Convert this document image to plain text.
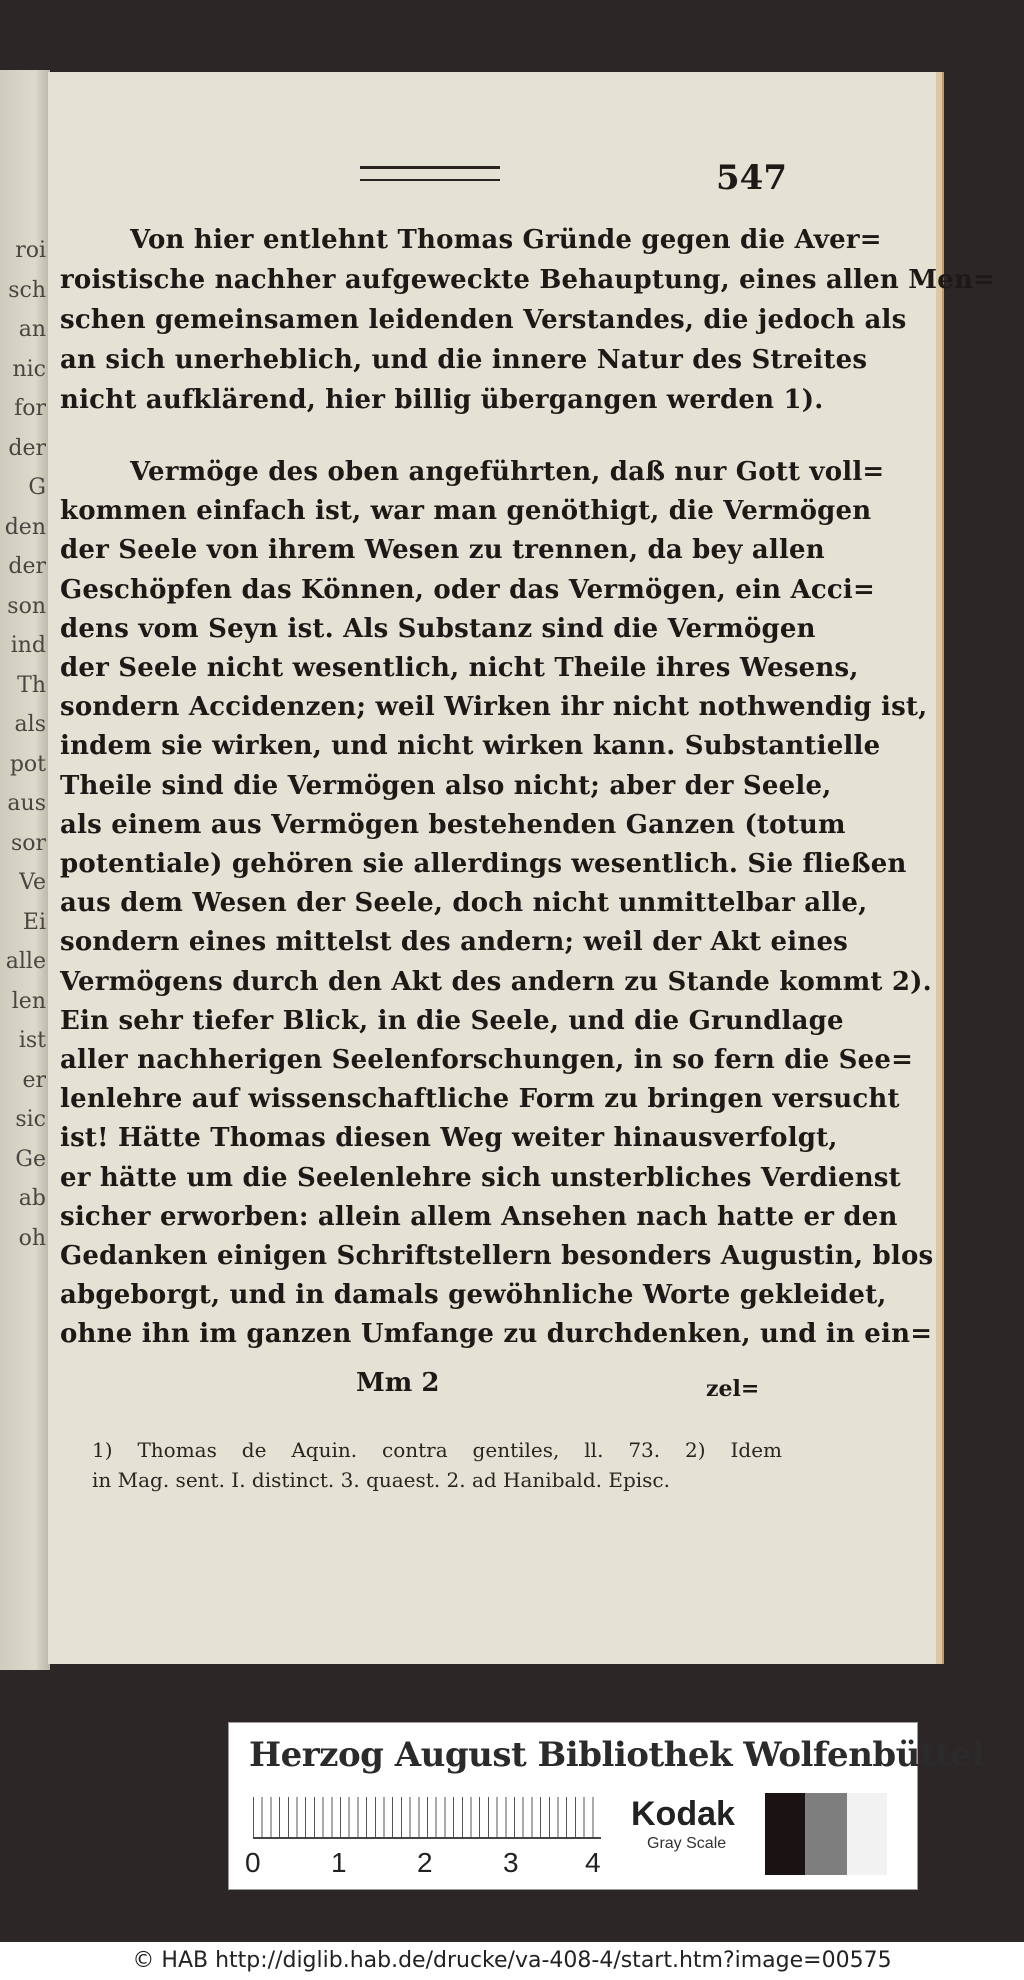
roi
sch
an
nic
for
der
G
den
der
son
ind
Th
als
pot
aus
sor
Ve
Ei
alle
len
ist
er
sic
Ge
ab
oh
547
Von hier entlehnt Thomas Gründe gegen die Aver=
roistische nachher aufgeweckte Behauptung, eines allen Men=
schen gemeinsamen leidenden Verstandes, die jedoch als
an sich unerheblich, und die innere Natur des Streites
nicht aufklärend, hier billig übergangen werden 1).
Vermöge des oben angeführten, daß nur Gott voll=
kommen einfach ist, war man genöthigt, die Vermögen
der Seele von ihrem Wesen zu trennen, da bey allen
Geschöpfen das Können, oder das Vermögen, ein Acci=
dens vom Seyn ist. Als Substanz sind die Vermögen
der Seele nicht wesentlich, nicht Theile ihres Wesens,
sondern Accidenzen; weil Wirken ihr nicht nothwendig ist,
indem sie wirken, und nicht wirken kann. Substantielle
Theile sind die Vermögen also nicht; aber der Seele,
als einem aus Vermögen bestehenden Ganzen (totum
potentiale) gehören sie allerdings wesentlich. Sie fließen
aus dem Wesen der Seele, doch nicht unmittelbar alle,
sondern eines mittelst des andern; weil der Akt eines
Vermögens durch den Akt des andern zu Stande kommt 2).
Ein sehr tiefer Blick, in die Seele, und die Grundlage
aller nachherigen Seelenforschungen, in so fern die See=
lenlehre auf wissenschaftliche Form zu bringen versucht
ist! Hätte Thomas diesen Weg weiter hinausverfolgt,
er hätte um die Seelenlehre sich unsterbliches Verdienst
sicher erworben: allein allem Ansehen nach hatte er den
Gedanken einigen Schriftstellern besonders Augustin, blos
abgeborgt, und in damals gewöhnliche Worte gekleidet,
ohne ihn im ganzen Umfange zu durchdenken, und in ein=
Mm 2	zel=
1) Thomas de Aquin. contra gentiles, ll. 73. 2) Idem
in Mag. sent. I. distinct. 3. quaest. 2. ad Hanibald. Episc.
Herzog August Bibliothek Wolfenbüttel
0	1	2	3 4
Kodak
Gray Scale
© HAB http://diglib.hab.de/drucke/va-408-4/start.htm?image=00575
